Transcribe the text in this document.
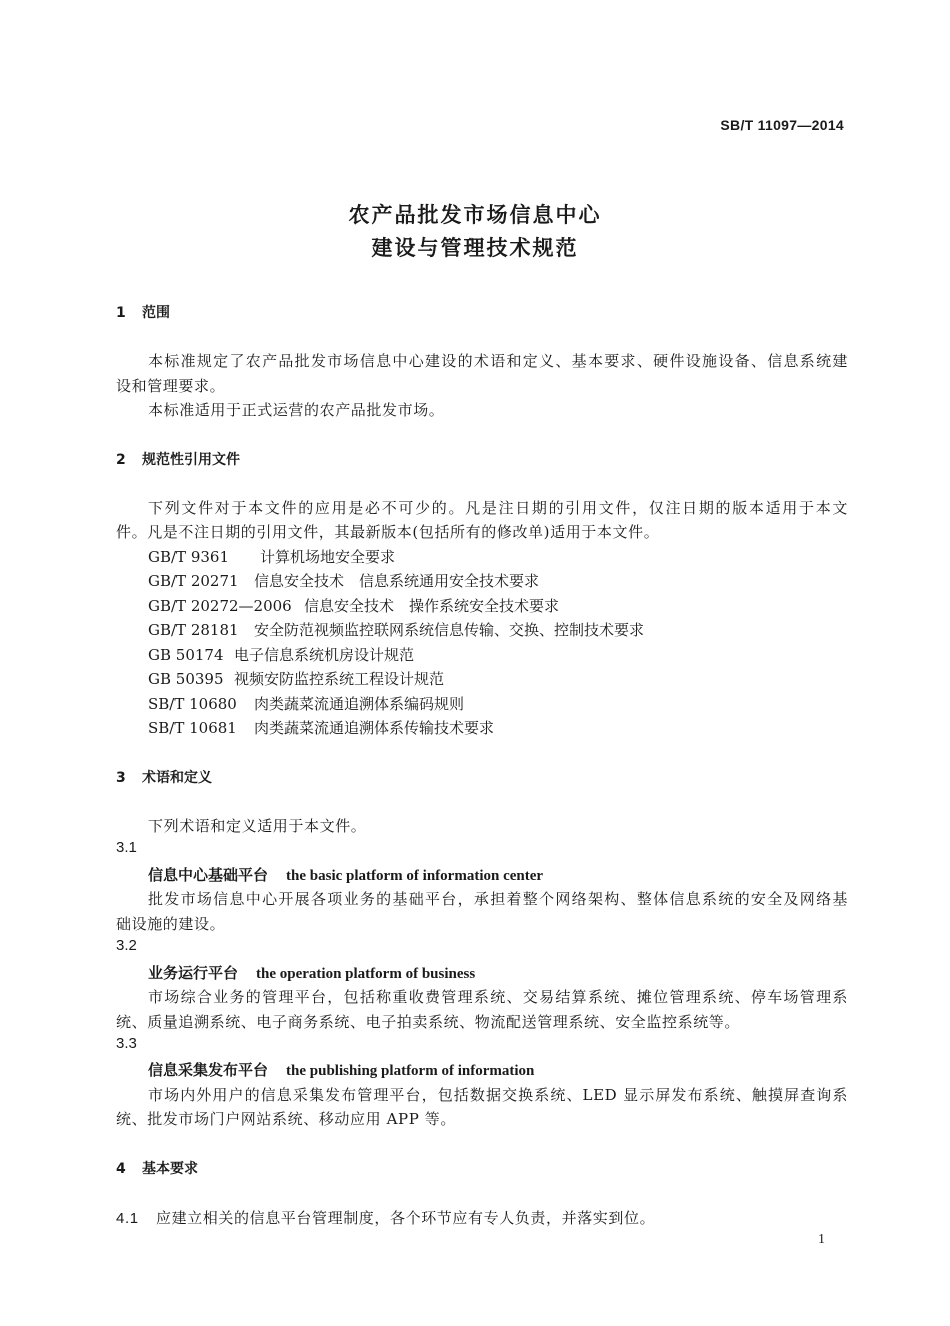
SB/T 11097—2014
农产品批发市场信息中心
建设与管理技术规范
1 范围
本标准规定了农产品批发市场信息中心建设的术语和定义、基本要求、硬件设施设备、信息系统建
设和管理要求。
本标准适用于正式运营的农产品批发市场。
2 规范性引用文件
下列文件对于本文件的应用是必不可少的。凡是注日期的引用文件，仅注日期的版本适用于本文
件。凡是不注日期的引用文件，其最新版本(包括所有的修改单)适用于本文件。
GB/T 9361 计算机场地安全要求
GB/T 20271 信息安全技术　信息系统通用安全技术要求
GB/T 20272—2006 信息安全技术　操作系统安全技术要求
GB/T 28181 安全防范视频监控联网系统信息传输、交换、控制技术要求
GB 50174 电子信息系统机房设计规范
GB 50395 视频安防监控系统工程设计规范
SB/T 10680 肉类蔬菜流通追溯体系编码规则
SB/T 10681 肉类蔬菜流通追溯体系传输技术要求
3 术语和定义
下列术语和定义适用于本文件。
3.1
信息中心基础平台 the basic platform of information center
批发市场信息中心开展各项业务的基础平台，承担着整个网络架构、整体信息系统的安全及网络基
础设施的建设。
3.2
业务运行平台 the operation platform of business
市场综合业务的管理平台，包括称重收费管理系统、交易结算系统、摊位管理系统、停车场管理系
统、质量追溯系统、电子商务系统、电子拍卖系统、物流配送管理系统、安全监控系统等。
3.3
信息采集发布平台 the publishing platform of information
市场内外用户的信息采集发布管理平台，包括数据交换系统、LED 显示屏发布系统、触摸屏查询系
统、批发市场门户网站系统、移动应用 APP 等。
4 基本要求
4.1 应建立相关的信息平台管理制度，各个环节应有专人负责，并落实到位。
1
